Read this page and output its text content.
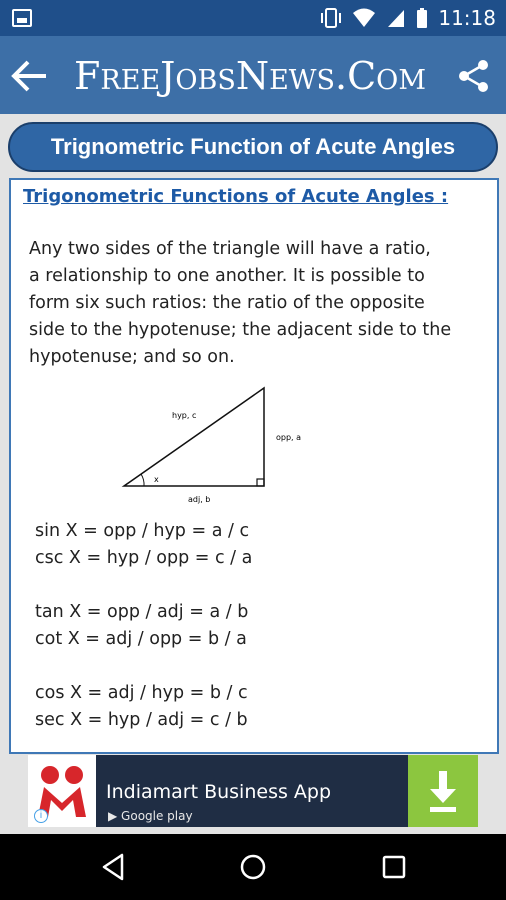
11:18
FreeJobsNews.Com
Trignometric Function of Acute Angles
Trigonometric Functions of Acute Angles :
Any two sides of the triangle will have a ratio,
a relationship to one another. It is possible to
form six such ratios: the ratio of the opposite
side to the hypotenuse; the adjacent side to the
hypotenuse; and so on.
hyp, c
opp, a
adj, b
x
sin X = opp / hyp = a / c
csc X = hyp / opp = c / a
tan X = opp / adj = a / b
cot X = adj / opp = b / a
cos X = adj / hyp = b / c
sec X = hyp / adj = c / b
Indiamart Business App
▶ Google play
i
